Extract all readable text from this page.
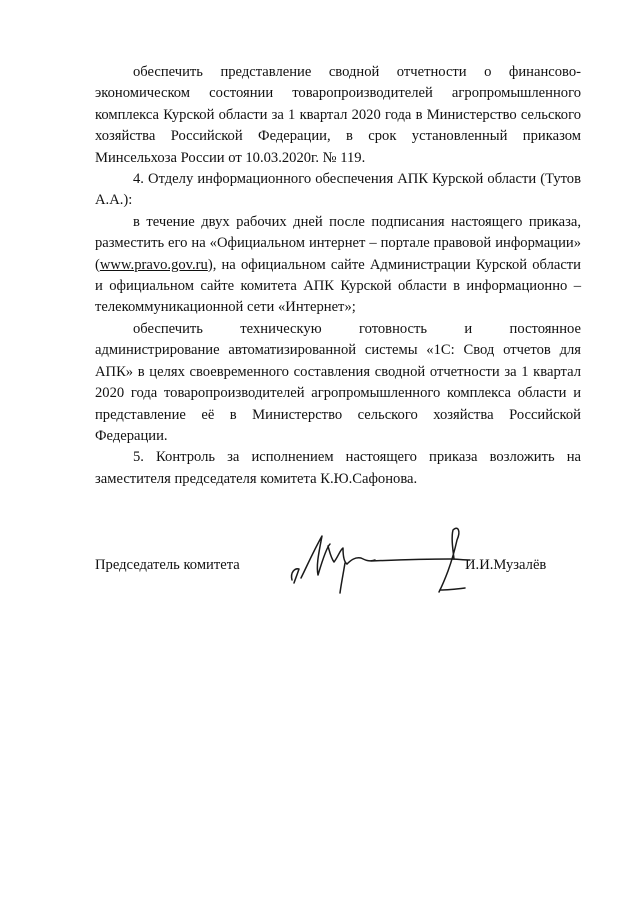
обеспечить представление сводной отчетности о финансово-экономическом состоянии товаропроизводителей агропромышленного комплекса Курской области за 1 квартал 2020 года в Министерство сельского хозяйства Российской Федерации, в срок установленный приказом Минсельхоза России от 10.03.2020г. № 119.

4. Отделу информационного обеспечения АПК Курской области (Тутов А.А.):

в течение двух рабочих дней после подписания настоящего приказа, разместить его на «Официальном интернет – портале правовой информации» (www.pravo.gov.ru), на официальном сайте Администрации Курской области и официальном сайте комитета АПК Курской области в информационно – телекоммуникационной сети «Интернет»;

обеспечить техническую готовность и постоянное
администрирование автоматизированной системы «1С: Свод отчетов для АПК» в целях своевременного составления сводной отчетности за 1 квартал 2020 года товаропроизводителей агропромышленного комплекса области и представление её в Министерство сельского хозяйства Российской Федерации.

5. Контроль за исполнением настоящего приказа возложить на заместителя председателя комитета К.Ю.Сафонова.

Председатель комитета	И.И.Музалёв
